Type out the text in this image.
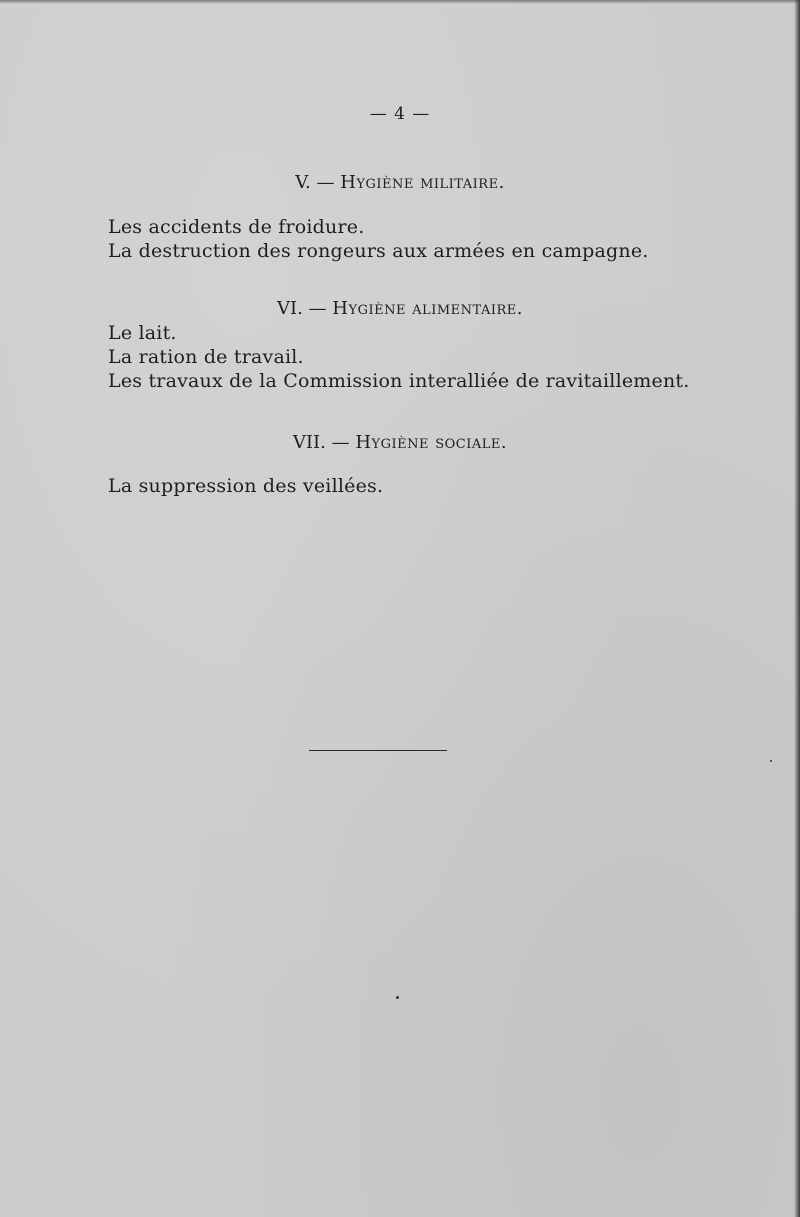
— 4 —
V. — Hygiène militaire.
Les accidents de froidure.
La destruction des rongeurs aux armées en campagne.
VI. — Hygiène alimentaire.
Le lait.
La ration de travail.
Les travaux de la Commission interalliée de ravitaillement.
VII. — Hygiène sociale.
La suppression des veillées.
